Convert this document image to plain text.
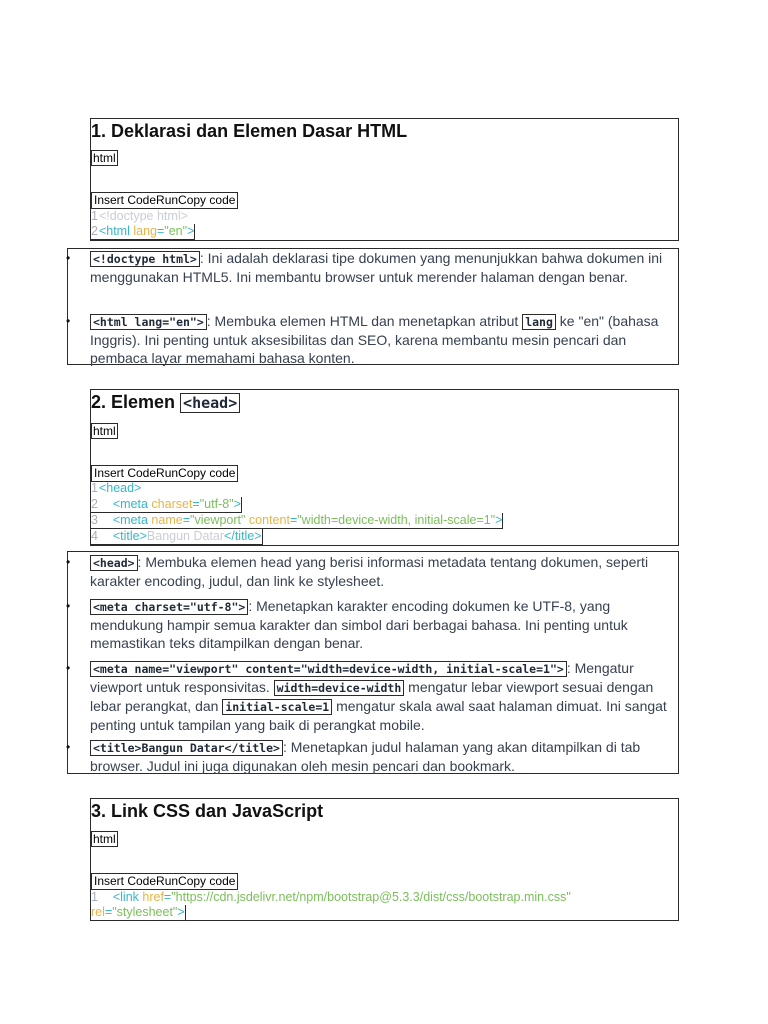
1. Deklarasi dan Elemen Dasar HTML
html
Insert CodeRunCopy code
1<!doctype html>
2<html lang="en">
• <!doctype html> : Ini adalah deklarasi tipe dokumen yang menunjukkan bahwa dokumen ini menggunakan HTML5. Ini membantu browser untuk merender halaman dengan benar.
• <html lang="en"> : Membuka elemen HTML dan menetapkan atribut lang ke "en" (bahasa Inggris). Ini penting untuk aksesibilitas dan SEO, karena membantu mesin pencari dan pembaca layar memahami bahasa konten.
2. Elemen <head>
html
Insert CodeRunCopy code
1<head>
2    <meta charset="utf-8">
3    <meta name="viewport" content="width=device-width, initial-scale=1">
4    <title>Bangun Datar</title>
• <head> : Membuka elemen head yang berisi informasi metadata tentang dokumen, seperti karakter encoding, judul, dan link ke stylesheet.
• <meta charset="utf-8"> : Menetapkan karakter encoding dokumen ke UTF-8, yang mendukung hampir semua karakter dan simbol dari berbagai bahasa. Ini penting untuk memastikan teks ditampilkan dengan benar.
• <meta name="viewport" content="width=device-width, initial-scale=1"> : Mengatur viewport untuk responsivitas. width=device-width mengatur lebar viewport sesuai dengan lebar perangkat, dan initial-scale=1 mengatur skala awal saat halaman dimuat. Ini sangat penting untuk tampilan yang baik di perangkat mobile.
• <title>Bangun Datar</title> : Menetapkan judul halaman yang akan ditampilkan di tab browser. Judul ini juga digunakan oleh mesin pencari dan bookmark.
3. Link CSS dan JavaScript
html
Insert CodeRunCopy code
1    <link href="https://cdn.jsdelivr.net/npm/bootstrap@5.3.3/dist/css/bootstrap.min.css"
rel="stylesheet">
